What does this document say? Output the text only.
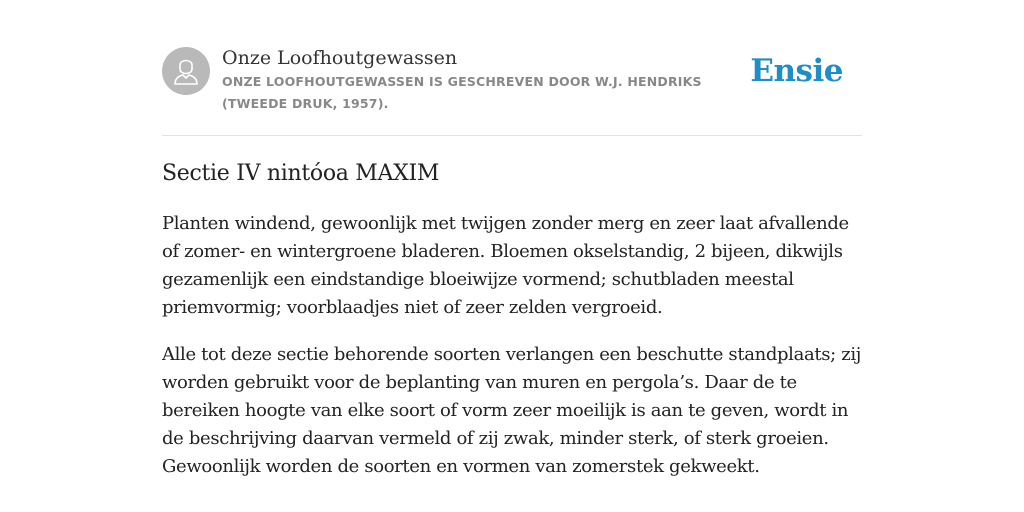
Onze Loofhoutgewassen
ONZE LOOFHOUTGEWASSEN IS GESCHREVEN DOOR W.J. HENDRIKS (TWEEDE DRUK, 1957).
Ensie
Sectie IV nintóoa MAXIM

Planten windend, gewoonlijk met twijgen zonder merg en zeer laat afvallende of zomer- en wintergroene bladeren. Bloemen okselstandig, 2 bijeen, dikwijls gezamenlijk een eindstandige bloeiwijze vormend; schutbladen meestal priemvormig; voorblaadjes niet of zeer zelden vergroeid.

Alle tot deze sectie behorende soorten verlangen een beschutte standplaats; zij worden gebruikt voor de beplanting van muren en pergola’s. Daar de te bereiken hoogte van elke soort of vorm zeer moeilijk is aan te geven, wordt in de beschrijving daarvan vermeld of zij zwak, minder sterk, of sterk groeien. Gewoonlijk worden de soorten en vormen van zomerstek gekweekt.
